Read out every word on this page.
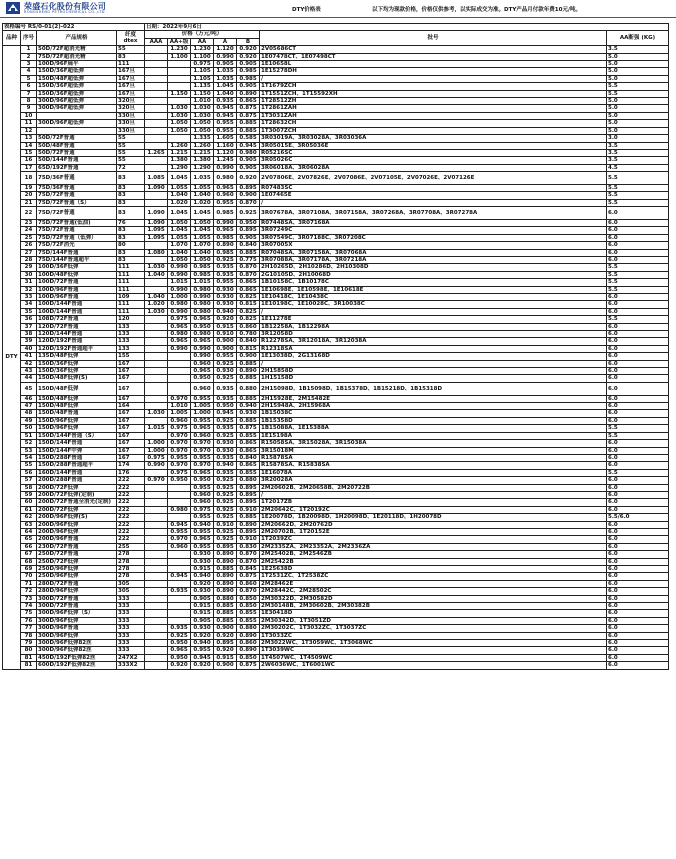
荣盛石化股份有限公司
RONGSHENG PETROCHEMICAL CO.,LTD	DTY价格表	以下均为现款价格，价格仅供参考，以实际成交为准。DTY产品月付款年费10元/吨。
表格编号 RS/0-01(2)-022				日期：2022年9月6日						
品种	序号	产品规格	纤度 dtex	价格（万元/吨）					批号	AA断强 (KG)
				AAA	AA+级	AA	A	B		
DTY	1	50D/72F超消光精	55		1.230	1.230	1.120	0.920	2V05686CT	3.5
	2	75D/72F超消光精	83		1.100	1.100	0.990	0.920	1E07478CT、1E07498CT	5.0
	3	100D/96F扁平	111			0.975	0.905	0.905	1E10658L	5.0
	4	150D/36F超低弹	167旦			1.105	1.035	0.985	1E15278DH	5.0
	5	150D/48F超低弹	167旦			1.105	1.035	0.985	/	5.0
	6	150D/36F超低弹	167旦			1.135	1.045	0.905	1T1679ZCH	5.5
	7	150D/36F超低弹	167旦		1.150	1.150	1.040	0.890	1T1551ZCH、1T15592XH	5.5
	8	300D/96F超低弹	320旦			1.010	0.935	0.865	1T28512ZH	5.0
	9	300D/96F超低弹	320旦		1.030	1.030	0.945	0.875	1T2861ZAH	5.0
	10		330旦		1.030	1.030	0.945	0.875	1T3031ZAH	5.0
	11	300D/96F超低弹	330旦		1.050	1.050	0.955	0.885	1T28632CH	5.0
	12		330旦		1.050	1.050	0.955	0.885	1T3007ZCH	5.0
	13	50D/72F普通	55			1.335	1.605	0.585	3R03019A、3R03028A、3R03036A	3.0
	14	50D/48F普通	55		1.260	1.260	1.160	0.945	3R05015E、3R05036E	3.5
	15	50D/72F普通	55	1.265	1.215	1.215	1.120	0.980	R05216SC	3.5
	16	50D/144F普通	55		1.380	1.380	1.245	0.905	3R05026C	3.5
	17	65D/192F普通	72		1.290	1.290	0.990	0.905	3R06018A、3R06028A	4.5
	18	75D/36F普通	83	1.085	1.045	1.035	0.980	0.920	2V07806E、2V07826E、2V07086E、2V07105E、2V07026E、2V07126E	5.5
	19	75D/36F普通	83	1.090	1.055	1.055	0.965	0.895	R07483SC	5.5
	20	75D/72F普通	83		1.040	1.040	0.960	0.900	1E07465E	5.5
	21	75D/72F普通（S）	83		1.020	1.020	0.955	0.870	/	5.5
	22	75D/72F普通	83	1.090	1.045	1.045	0.985	0.925	3R07678A、3R07108A、3R07158A、3R07268A、3R07708A、3R07278A	6.0
	23	75D/72F普通(低油)	76	1.090	1.050	1.050	0.990	0.950	R07448SA、3R07168A	6.0
	24	75D/72F普通	83	1.095	1.045	1.045	0.965	0.895	3R07249C	6.0
	25	75D/72F普通（低弹）	83	1.095	1.055	1.055	0.985	0.905	3R07549C、3R07188C、3R07208C	6.0
	26	75D/72F消光	80		1.070	1.070	0.890	0.840	3R07005X	6.0
	27	75D/144F普通	83	1.080	1.040	1.040	0.985	0.885	R07048SA、3R07158A、3R07068A	6.0
	28	75D/144F普通超平	83		1.050	1.050	0.925	0.775	3R07088A、3R07178A、3R07218A	6.0
	29	100D/36F低弹	111	1.030	0.990	0.985	0.935	0.870	2H10265D、2H10286D、2H10308D	5.5
	30	100D/48F低弹	111	1.040	0.990	0.985	0.935	0.870	2G10105D、2H10068D	5.5
	31	100D/72F普通	111		1.015	1.015	0.955	0.865	1B10158C、1B10178C	5.5
	32	100D/96F普通	111		0.990	0.980	0.930	0.865	1E10698E、1E10598E、1E10618E	5.5
	33	100D/96F普通	109	1.040	1.000	0.990	0.930	0.825	1E10418C、1E10438C	6.0
	34	100D/144F普通	111	1.020	0.980	0.980	0.930	0.815	1E10198C、1E10028C、3R10038C	6.0
	35	100D/144F普通	111	1.030	0.990	0.980	0.940	0.825	/	6.0
	36	108D/72F普通	120		0.975	0.965	0.920	0.825	1E11278E	5.5
	37	120D/72F普通	133		0.965	0.950	0.915	0.860	1B12258A、1B12298A	6.0
	38	120D/144F普通	133		0.980	0.980	0.910	0.780	3R12058D	6.0
	39	120D/192F普通	133		0.965	0.965	0.900	0.840	R12278SA、3R12018A、3R12038A	6.0
	40	120D/192F普通超平	133		0.990	0.990	0.900	0.815	R12318SA	6.0
	41	135D/48F低弹	155			0.990	0.955	0.900	1E13038D、2G13168D	6.0
	42	150D/36F低弹	167			0.960	0.925	0.885	/	6.0
	43	150D/36F低弹	167			0.965	0.930	0.890	2H15858D	6.0
	44	150D/48F低弹(S)	167			0.950	0.925	0.885	1H15158D	6.0
	45	150D/48F低弹	167			0.960	0.935	0.880	2H15098D、1B15098D、1B15378D、1B15218D、1B15318D	6.0
	46	150D/48F低弹	167		0.970	0.955	0.935	0.885	2H15928E、2M15482E	6.0
	47	150D/48F低弹	164		1.010	1.005	0.950	0.940	2H15948A、2H15968A	6.0
	48	150D/48F普通	167	1.030	1.005	1.000	0.945	0.930	1B15038C	6.0
	49	150D/96F低弹	167		0.960	0.955	0.925	0.885	1B15358D	6.0
	50	150D/96F低弹	167	1.015	0.975	0.965	0.935	0.875	1B15088A、1E15388A	5.5
	51	150D/144F普通（S）	167		0.970	0.960	0.925	0.855	1E15198A	5.5
	52	150D/144F普通	167	1.000	0.970	0.970	0.930	0.865	R15058SA、3R15028A、3R15038A	6.0
	53	150D/144F中弹	167	1.000	0.970	0.970	0.930	0.865	3R15018M	6.0
	54	150D/288F普通	167	0.975	0.955	0.955	0.935	0.840	R15878SA	6.0
	55	150D/288F普通超平	174	0.990	0.970	0.970	0.940	0.865	R15878SA、R15838SA	6.0
	56	160D/144F普通	176		0.975	0.965	0.935	0.855	1E16078A	5.5
	57	200D/288F普通	222	0.970	0.950	0.950	0.925	0.880	3R20028A	6.0
	58	200D/72F低弹	222			0.955	0.925	0.895	2M20602B、2M20658B、2M20722B	6.0
	59	200D/72F低弹(定制)	222			0.960	0.925	0.895	/	6.0
	60	200D/72F普通全消光(定制)	222			0.960	0.925	0.895	1T2017ZB	6.0
	61	200D/72F低弹	222		0.980	0.975	0.925	0.910	2M20642C、1T20192C	6.0
	62	200D/96F低弹(S)	222			0.955	0.925	0.885	1E20078D、1B20098D、1H20098D、1E20118D、1H20078D	5.5/6.0
	63	200D/96F低弹	222		0.945	0.940	0.910	0.890	2M20662D、2M20762D	6.0
	64	200D/96F低弹	222		0.955	0.955	0.925	0.895	2M20702B、1T20152E	6.0
	65	200D/96F普通	222		0.970	0.965	0.925	0.910	1T2039ZC	6.0
	66	230D/72F普通	255		0.960	0.955	0.895	0.830	2M2335ZA、2M23352A、2M2336ZA	6.0
	67	250D/72F普通	278			0.930	0.890	0.870	2M25402B、2M2546ZB	6.0
	68	250D/72F低弹	278			0.930	0.890	0.870	2M25422B	6.0
	69	250D/96F低弹	278			0.915	0.885	0.845	1E25638D	6.0
	70	250D/96F低弹	278		0.945	0.940	0.890	0.875	1T2531ZC、1T2538ZC	6.0
	71	280D/72F普通	305			0.920	0.890	0.860	2M28462E	6.0
	72	280D/96F低弹	305		0.935	0.930	0.890	0.870	2M28442C、2M28502C	6.0
	73	300D/72F普通	333			0.905	0.880	0.850	2M30322D、2M30582D	6.0
	74	300D/72F普通	333			0.915	0.885	0.850	2M30148B、2M30602B、2M30382B	6.0
	75	300D/96F低弹（S）	333			0.915	0.885	0.855	1E30418D	6.0
	76	300D/96F低弹	333			0.905	0.885	0.855	2M30342D、1T3051ZD	6.0
	77	300D/96F普通	333		0.935	0.930	0.900	0.880	2M30202C、1T3032ZC、1T3037ZC	6.0
	78	300D/96F低弹	333		0.925	0.920	0.920	0.890	1T3033ZC	6.0
	79	300D/96F低弹82丝	333		0.950	0.940	0.895	0.860	2M3022WC、1T3059WC、1T3068WC	6.0
	80	300D/96F低弹82丝	333		0.965	0.955	0.920	0.890	1T3039WC	6.0
	81	450D/192F低弹82丝	247X2		0.950	0.945	0.915	0.850	1T4507WC、1T4509WC	6.0
	81	600D/192F低弹82丝	333X2		0.920	0.920	0.900	0.875	2W6036WC、1T6001WC	6.0
